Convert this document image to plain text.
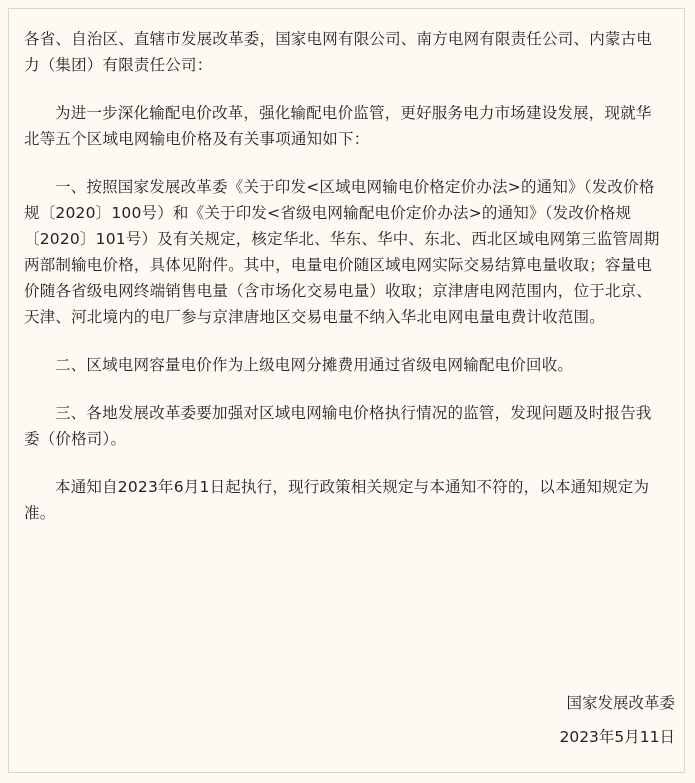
各省、自治区、直辖市发展改革委，国家电网有限公司、南方电网有限责任公司、内蒙古电力（集团）有限责任公司：

为进一步深化输配电价改革，强化输配电价监管，更好服务电力市场建设发展，现就华北等五个区域电网输电价格及有关事项通知如下：

一、按照国家发展改革委《关于印发<区域电网输电价格定价办法>的通知》（发改价格规〔2020〕100号）和《关于印发<省级电网输配电价定价办法>的通知》（发改价格规〔2020〕101号）及有关规定，核定华北、华东、华中、东北、西北区域电网第三监管周期两部制输电价格，具体见附件。其中，电量电价随区域电网实际交易结算电量收取；容量电价随各省级电网终端销售电量（含市场化交易电量）收取；京津唐电网范围内，位于北京、天津、河北境内的电厂参与京津唐地区交易电量不纳入华北电网电量电费计收范围。

二、区域电网容量电价作为上级电网分摊费用通过省级电网输配电价回收。

三、各地发展改革委要加强对区域电网输电价格执行情况的监管，发现问题及时报告我委（价格司）。

本通知自2023年6月1日起执行，现行政策相关规定与本通知不符的，以本通知规定为准。

国家发展改革委
2023年5月11日
